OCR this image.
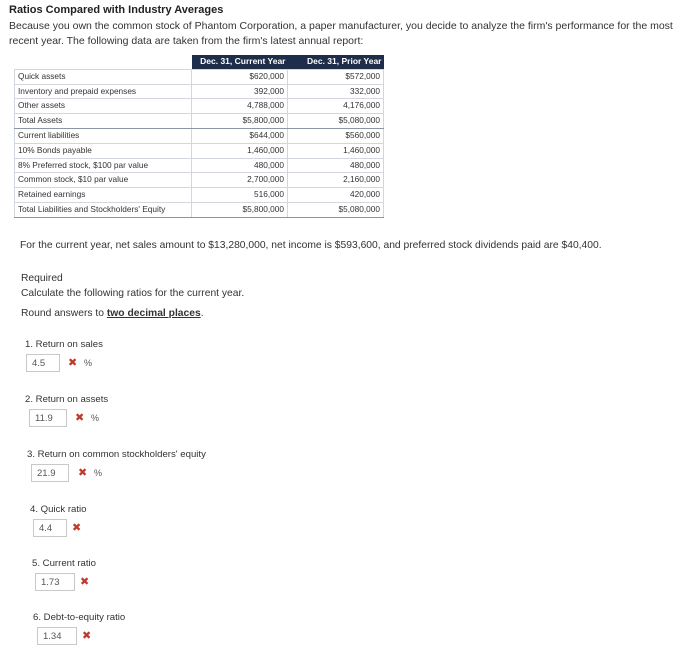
Ratios Compared with Industry Averages
Because you own the common stock of Phantom Corporation, a paper manufacturer, you decide to analyze the firm's performance for the most recent year. The following data are taken from the firm's latest annual report:
	Dec. 31, Current Year	Dec. 31, Prior Year
Quick assets	$620,000	$572,000
Inventory and prepaid expenses	392,000	332,000
Other assets	4,788,000	4,176,000
Total Assets	$5,800,000	$5,080,000
Current liabilities	$644,000	$560,000
10% Bonds payable	1,460,000	1,460,000
8% Preferred stock, $100 par value	480,000	480,000
Common stock, $10 par value	2,700,000	2,160,000
Retained earnings	516,000	420,000
Total Liabilities and Stockholders' Equity	$5,800,000	$5,080,000
For the current year, net sales amount to $13,280,000, net income is $593,600, and preferred stock dividends paid are $40,400.
Required
Calculate the following ratios for the current year.
Round answers to two decimal places.
1. Return on sales
4.5	✖ %
2. Return on assets
11.9	✖ %
3. Return on common stockholders' equity
21.9	✖ %
4. Quick ratio
4.4	✖
5. Current ratio
1.73	✖
6. Debt-to-equity ratio
1.34	✖
